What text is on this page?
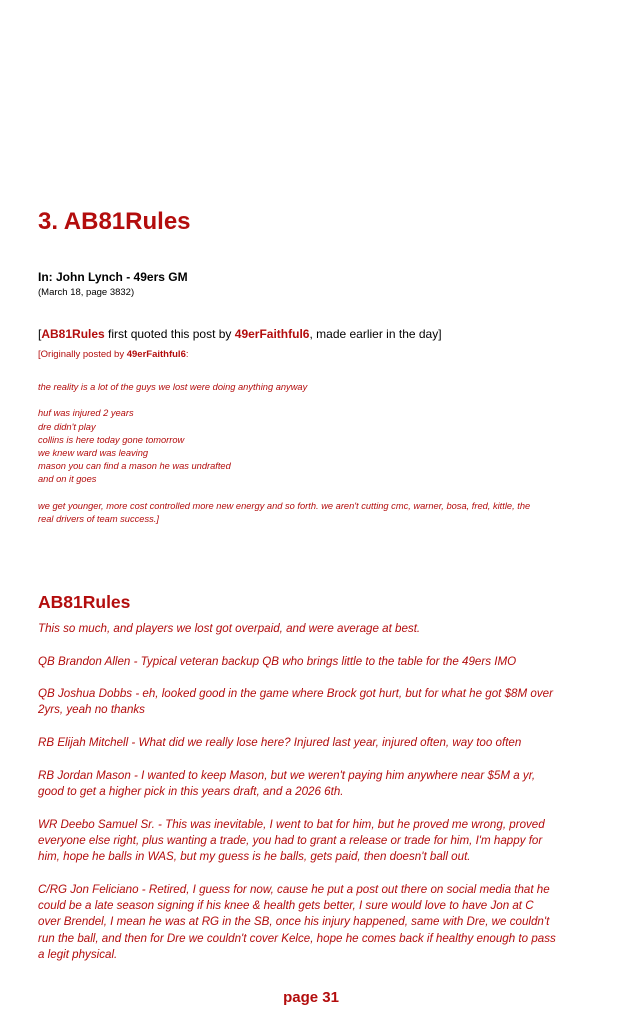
3. AB81Rules
In: John Lynch - 49ers GM
(March 18, page 3832)
[AB81Rules first quoted this post by 49erFaithful6, made earlier in the day]
[Originally posted by 49erFaithful6:
the reality is a lot of the guys we lost were doing anything anyway
huf was injured 2 years
dre didn't play
collins is here today gone tomorrow
we knew ward was leaving
mason you can find a mason he was undrafted
and on it goes
we get younger, more cost controlled more new energy and so forth. we aren't cutting cmc, warner, bosa, fred, kittle, the
real drivers of team success.]
AB81Rules
This so much, and players we lost got overpaid, and were average at best.
QB Brandon Allen - Typical veteran backup QB who brings little to the table for the 49ers IMO
QB Joshua Dobbs - eh, looked good in the game where Brock got hurt, but for what he got $8M over
2yrs, yeah no thanks
RB Elijah Mitchell - What did we really lose here? Injured last year, injured often, way too often
RB Jordan Mason - I wanted to keep Mason, but we weren't paying him anywhere near $5M a yr,
good to get a higher pick in this years draft, and a 2026 6th.
WR Deebo Samuel Sr. - This was inevitable, I went to bat for him, but he proved me wrong, proved
everyone else right, plus wanting a trade, you had to grant a release or trade for him, I'm happy for
him, hope he balls in WAS, but my guess is he balls, gets paid, then doesn't ball out.
C/RG Jon Feliciano - Retired, I guess for now, cause he put a post out there on social media that he
could be a late season signing if his knee & health gets better, I sure would love to have Jon at C
over Brendel, I mean he was at RG in the SB, once his injury happened, same with Dre, we couldn't
run the ball, and then for Dre we couldn't cover Kelce, hope he comes back if healthy enough to pass
a legit physical.
page 31
